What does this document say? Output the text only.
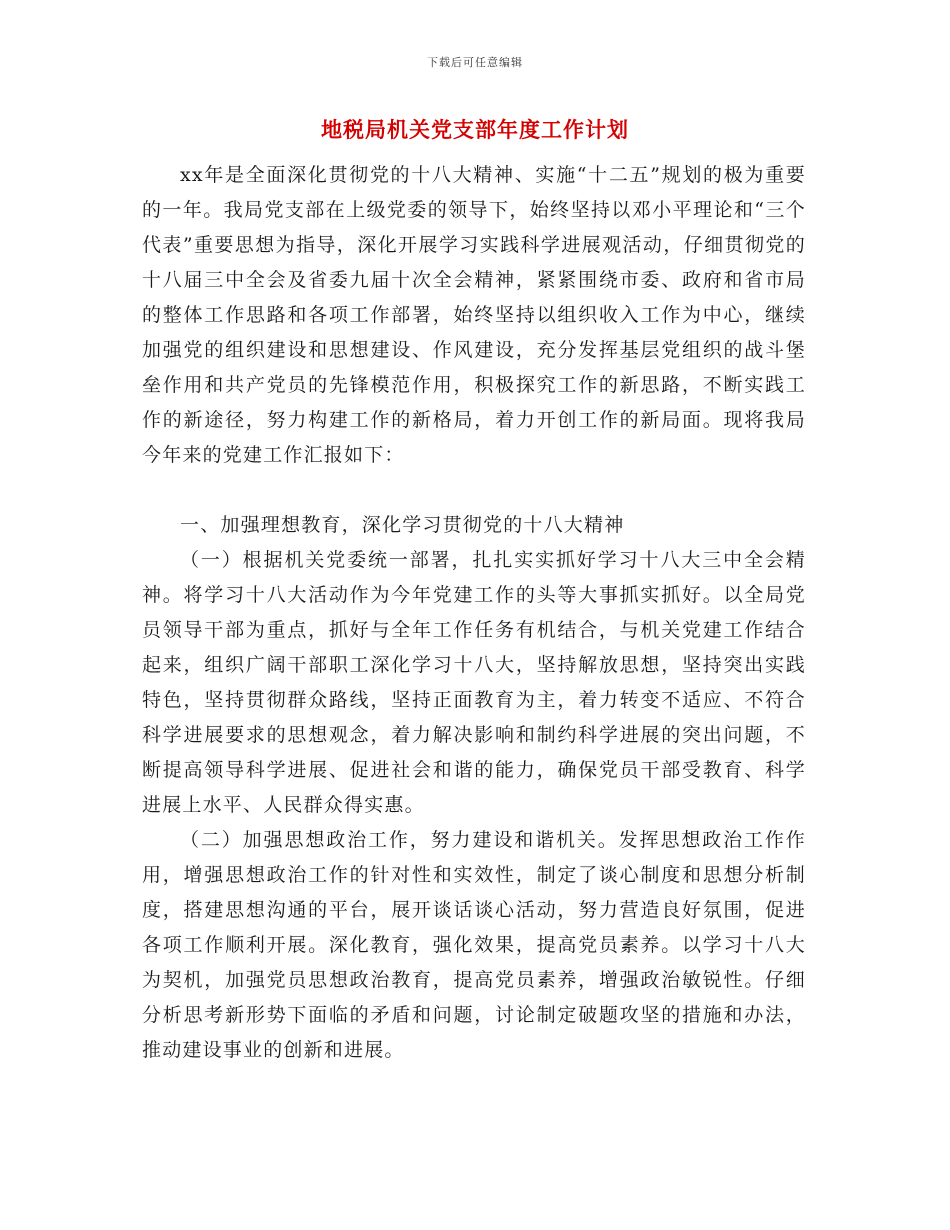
下载后可任意编辑
地税局机关党支部年度工作计划

xx年是全面深化贯彻党的十八大精神、实施“十二五”规划的极为重要的一年。我局党支部在上级党委的领导下，始终坚持以邓小平理论和“三个代表”重要思想为指导，深化开展学习实践科学进展观活动，仔细贯彻党的十八届三中全会及省委九届十次全会精神，紧紧围绕市委、政府和省市局的整体工作思路和各项工作部署，始终坚持以组织收入工作为中心，继续加强党的组织建设和思想建设、作风建设，充分发挥基层党组织的战斗堡垒作用和共产党员的先锋模范作用，积极探究工作的新思路，不断实践工作的新途径，努力构建工作的新格局，着力开创工作的新局面。现将我局今年来的党建工作汇报如下：

一、加强理想教育，深化学习贯彻党的十八大精神

（一）根据机关党委统一部署，扎扎实实抓好学习十八大三中全会精神。将学习十八大活动作为今年党建工作的头等大事抓实抓好。以全局党员领导干部为重点，抓好与全年工作任务有机结合，与机关党建工作结合起来，组织广阔干部职工深化学习十八大，坚持解放思想，坚持突出实践特色，坚持贯彻群众路线，坚持正面教育为主，着力转变不适应、不符合科学进展要求的思想观念，着力解决影响和制约科学进展的突出问题，不断提高领导科学进展、促进社会和谐的能力，确保党员干部受教育、科学进展上水平、人民群众得实惠。

（二）加强思想政治工作，努力建设和谐机关。发挥思想政治工作作用，增强思想政治工作的针对性和实效性，制定了谈心制度和思想分析制度，搭建思想沟通的平台，展开谈话谈心活动，努力营造良好氛围，促进各项工作顺利开展。深化教育，强化效果，提高党员素养。以学习十八大为契机，加强党员思想政治教育，提高党员素养，增强政治敏锐性。仔细分析思考新形势下面临的矛盾和问题，讨论制定破题攻坚的措施和办法，推动建设事业的创新和进展。
